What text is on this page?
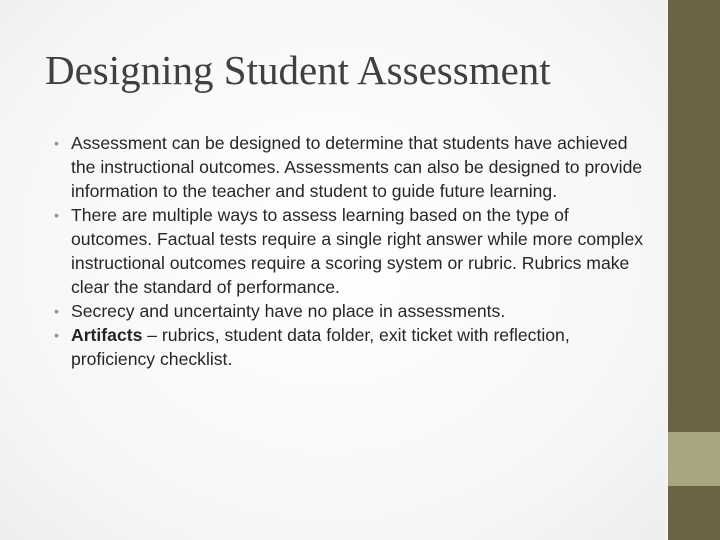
Designing Student Assessment
• Assessment can be designed to determine that students have achieved the instructional outcomes. Assessments can also be designed to provide information to the teacher and student to guide future learning.
• There are multiple ways to assess learning based on the type of outcomes. Factual tests require a single right answer while more complex instructional outcomes require a scoring system or rubric. Rubrics make clear the standard of performance.
• Secrecy and uncertainty have no place in assessments.
• Artifacts – rubrics, student data folder, exit ticket with reflection, proficiency checklist.
